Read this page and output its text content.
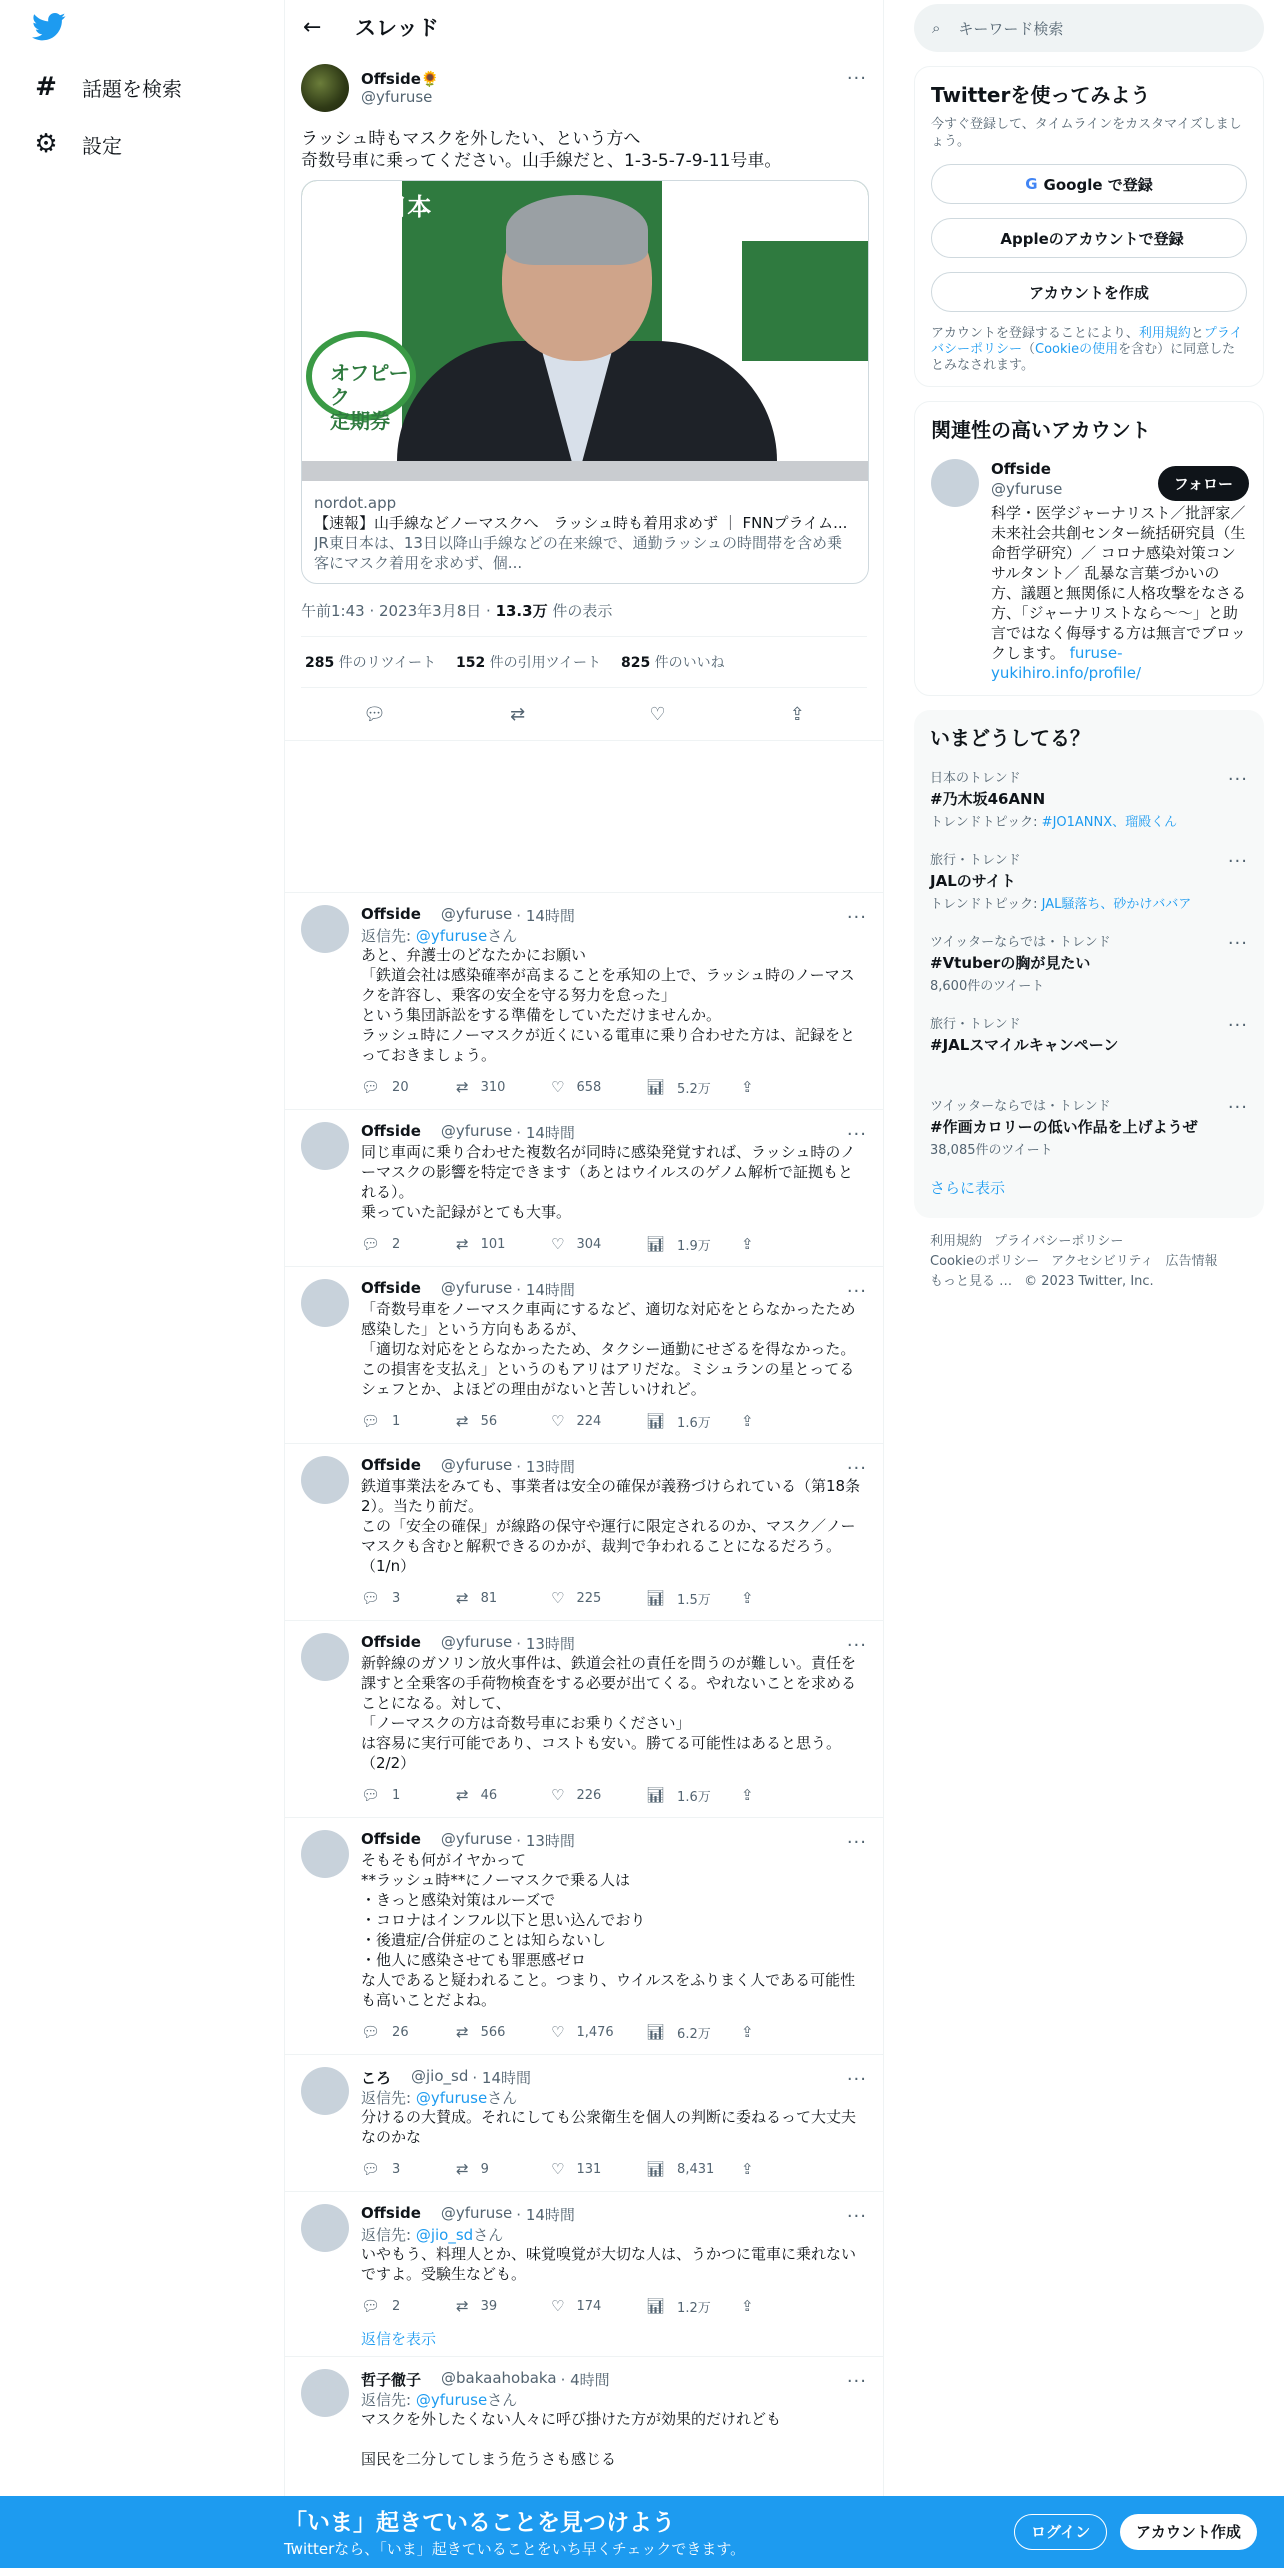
# 話題を検索
⚙ 設定
← スレッド
Offside🌻
@yfuruse
···
ラッシュ時もマスクを外したい、という方へ
奇数号車に乗ってください。山手線だと、1-3-5-7-9-11号車。
JR東日本
オフピーク
定期券
nordot.app
【速報】山手線などノーマスクへ　ラッシュ時も着用求めず ｜ FNNプライム...
JR東日本は、13日以降山手線などの在来線で、通勤ラッシュの時間帯を含め乗客にマスク着用を求めず、個...
午前1:43 · 2023年3月8日 · 13.3万 件の表示
285 件のリツイート 152 件の引用ツイート 825 件のいいね
💬︎	⇄	♡	⇪
Offside @yfuruse · 14時間
返信先: @yfuruseさん
あと、弁護士のどなたかにお願い
「鉄道会社は感染確率が高まることを承知の上で、ラッシュ時のノーマスクを許容し、乗客の安全を守る努力を怠った」
という集団訴訟をする準備をしていただけませんか。
ラッシュ時にノーマスクが近くにいる電車に乗り合わせた方は、記録をとっておきましょう。
💬︎ 20	⇄ 310	♡ 658	📊︎ 5.2万 ⇪
···
Offside @yfuruse · 14時間
同じ車両に乗り合わせた複数名が同時に感染発覚すれば、ラッシュ時のノーマスクの影響を特定できます（あとはウイルスのゲノム解析で証拠もとれる）。
乗っていた記録がとても大事。
💬︎ 2	⇄ 101	♡ 304	📊︎ 1.9万 ⇪
···
Offside @yfuruse · 14時間
「奇数号車をノーマスク車両にするなど、適切な対応をとらなかったため感染した」という方向もあるが、
「適切な対応をとらなかったため、タクシー通勤にせざるを得なかった。この損害を支払え」というのもアリはアリだな。ミシュランの星とってるシェフとか、よほどの理由がないと苦しいけれど。
💬︎ 1	⇄ 56	♡ 224	📊︎ 1.6万 ⇪
···
Offside @yfuruse · 13時間
鉄道事業法をみても、事業者は安全の確保が義務づけられている（第18条2）。当たり前だ。
この「安全の確保」が線路の保守や運行に限定されるのか、マスク／ノーマスクも含むと解釈できるのかが、裁判で争われることになるだろう。
（1/n）
💬︎ 3	⇄ 81	♡ 225	📊︎ 1.5万 ⇪
···
Offside @yfuruse · 13時間
新幹線のガソリン放火事件は、鉄道会社の責任を問うのが難しい。責任を課すと全乗客の手荷物検査をする必要が出てくる。やれないことを求めることになる。対して、
「ノーマスクの方は奇数号車にお乗りください」
は容易に実行可能であり、コストも安い。勝てる可能性はあると思う。
（2/2）
💬︎ 1	⇄ 46	♡ 226	📊︎ 1.6万 ⇪
···
Offside @yfuruse · 13時間
そもそも何がイヤかって
**ラッシュ時**にノーマスクで乗る人は
・きっと感染対策はルーズで
・コロナはインフル以下と思い込んでおり
・後遺症/合併症のことは知らないし
・他人に感染させても罪悪感ゼロ
な人であると疑われること。つまり、ウイルスをふりまく人である可能性も高いことだよね。
💬︎ 26	⇄ 566	♡ 1,476 📊︎ 6.2万 ⇪
···
ころ @jio_sd · 14時間
返信先: @yfuruseさん
分けるの大賛成。それにしても公衆衛生を個人の判断に委ねるって大丈夫なのかな
💬︎ 3	⇄ 9	♡ 131	📊︎ 8,431 ⇪
···
Offside @yfuruse · 14時間
返信先: @jio_sdさん
いやもう、料理人とか、味覚嗅覚が大切な人は、うかつに電車に乗れないですよ。受験生なども。
💬︎ 2	⇄ 39	♡ 174	📊︎ 1.2万 ⇪
···
返信を表示
哲子徹子 @bakaahobaka · 4時間
返信先: @yfuruseさん
マスクを外したくない人々に呼び掛けた方が効果的だけれども

国民を二分してしまう危うさも感じる
···
⌕ キーワード検索
Twitterを使ってみよう
今すぐ登録して、タイムラインをカスタマイズしましょう。
G Google で登録
Appleのアカウントで登録
アカウントを作成
アカウントを登録することにより、利用規約とプライバシーポリシー（Cookieの使用を含む）に同意したとみなされます。
関連性の高いアカウント
Offside
@yfuruse
科学・医学ジャーナリスト／批評家／未来社会共創センター統括研究員（生命哲学研究）／ コロナ感染対策コンサルタント／ 乱暴な言葉づかいの方、議題と無関係に人格攻撃をなさる方、「ジャーナリストなら～～」と助言ではなく侮辱する方は無言でブロックします。 furuse-yukihiro.info/profile/
フォロー
いまどうしてる？
日本のトレンド
#乃木坂46ANN
トレンドトピック: #JO1ANNX、瑠殿くん
···
旅行・トレンド
JALのサイト
トレンドトピック: JAL騒落ち、砂かけババア
···
ツイッターならでは・トレンド
#Vtuberの胸が見たい
8,600件のツイート
···
旅行・トレンド
#JALスマイルキャンペーン
···
ツイッターならでは・トレンド
#作画カロリーの低い作品を上げようぜ
38,085件のツイート
···
さらに表示
利用規約 プライバシーポリシー
Cookieのポリシー アクセシビリティ 広告情報
もっと見る … © 2023 Twitter, Inc.
「いま」起きていることを見つけよう
Twitterなら、「いま」起きていることをいち早くチェックできます。
ログイン	アカウント作成
